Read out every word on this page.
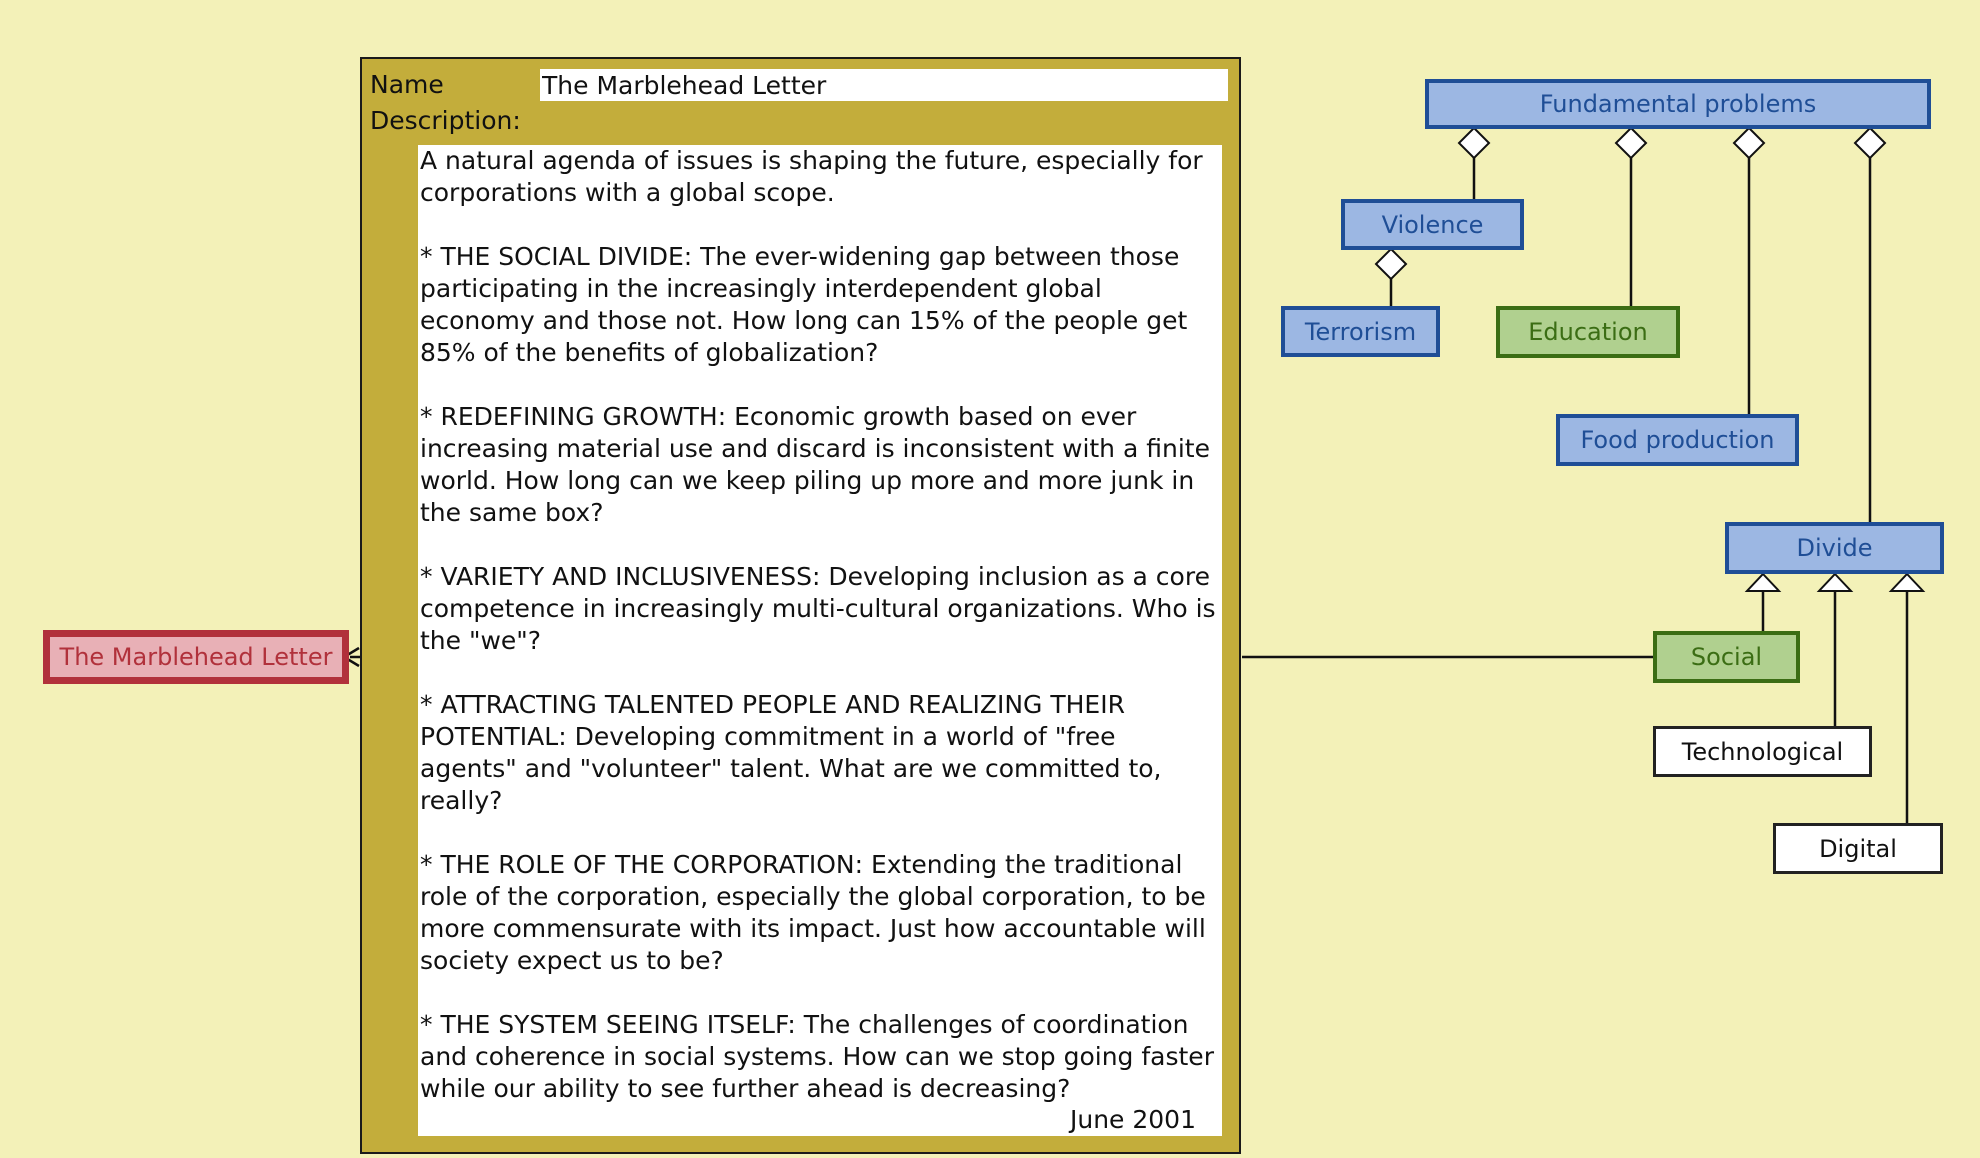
The Marblehead Letter
Name
The Marblehead Letter
Description:

A natural agenda of issues is shaping the future, especially for corporations with a global scope.

* THE SOCIAL DIVIDE: The ever-widening gap between those participating in the increasingly interdependent global economy and those not. How long can 15% of the people get 85% of the benefits of globalization?

* REDEFINING GROWTH: Economic growth based on ever increasing material use and discard is inconsistent with a finite world. How long can we keep piling up more and more junk in the same box?

* VARIETY AND INCLUSIVENESS: Developing inclusion as a core competence in increasingly multi-cultural organizations. Who is the "we"?

* ATTRACTING TALENTED PEOPLE AND REALIZING THEIR POTENTIAL: Developing commitment in a world of "free agents" and "volunteer" talent. What are we committed to, really?

* THE ROLE OF THE CORPORATION: Extending the traditional role of the corporation, especially the global corporation, to be more commensurate with its impact. Just how accountable will society expect us to be?

* THE SYSTEM SEEING ITSELF: The challenges of coordination and coherence in social systems. How can we stop going faster while our ability to see further ahead is decreasing?

June 2001
Fundamental problems
Violence
Terrorism	Education
Food production
Divide
Social
Technological
Digital
